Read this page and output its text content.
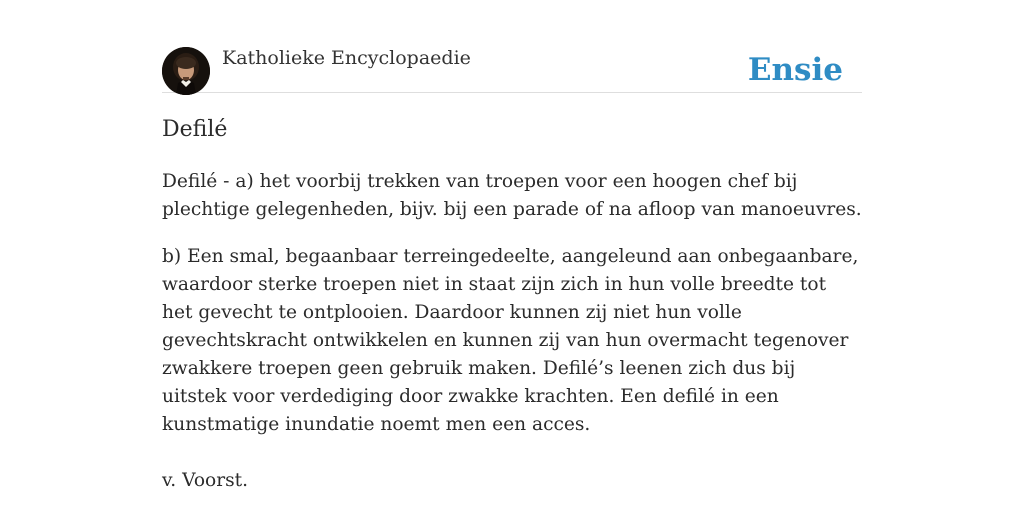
Katholieke Encyclopaedie	Ensie
Defilé

Defilé - a) het voorbij trekken van troepen voor een hoogen chef bij plechtige gelegenheden, bijv. bij een parade of na afloop van manoeuvres.

b) Een smal, begaanbaar terreingedeelte, aangeleund aan onbegaanbare, waardoor sterke troepen niet in staat zijn zich in hun volle breedte tot het gevecht te ontplooien. Daardoor kunnen zij niet hun volle gevechtskracht ontwikkelen en kunnen zij van hun overmacht tegenover zwakkere troepen geen gebruik maken. Defilé’s leenen zich dus bij uitstek voor verdediging door zwakke krachten. Een defilé in een kunstmatige inundatie noemt men een acces.

v. Voorst.
